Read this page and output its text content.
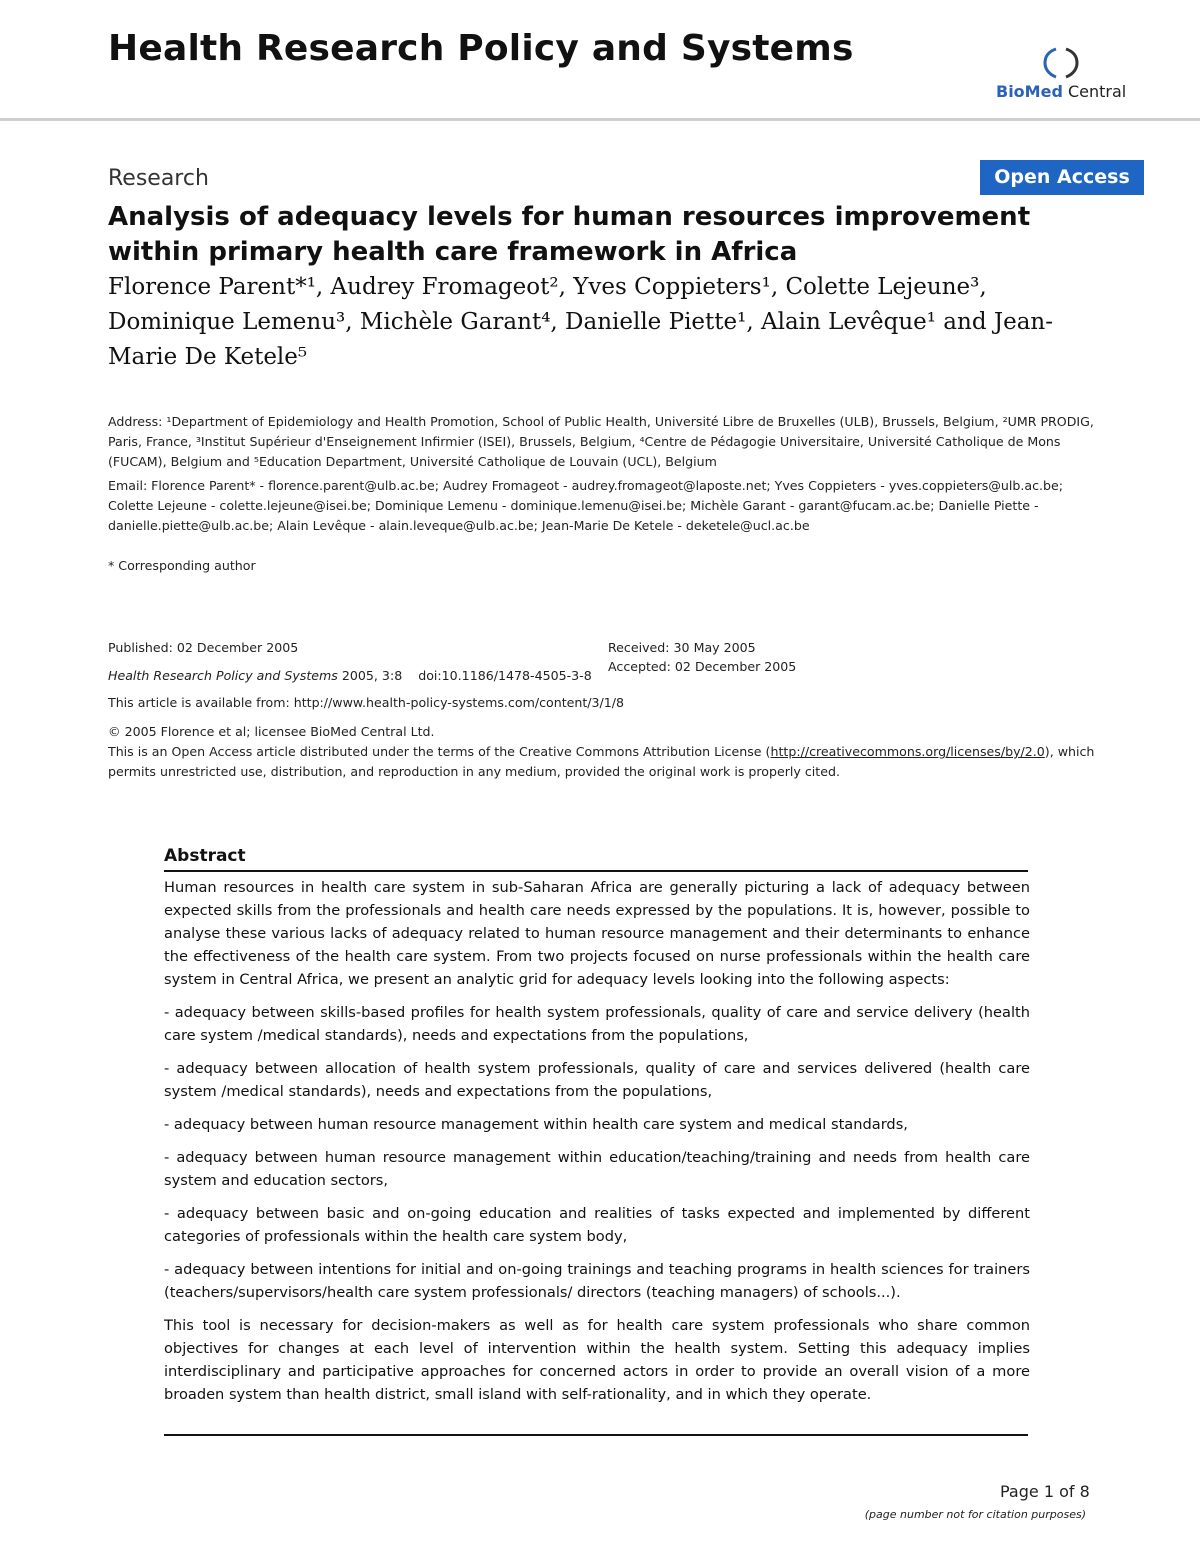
Health Research Policy and Systems
BioMed Central
Research	Open Access
Analysis of adequacy levels for human resources improvement within primary health care framework in Africa
Florence Parent*¹, Audrey Fromageot², Yves Coppieters¹, Colette Lejeune³, Dominique Lemenu³, Michèle Garant⁴, Danielle Piette¹, Alain Levêque¹ and Jean-Marie De Ketele⁵
Address: ¹Department of Epidemiology and Health Promotion, School of Public Health, Université Libre de Bruxelles (ULB), Brussels, Belgium, ²UMR PRODIG, Paris, France, ³Institut Supérieur d'Enseignement Infirmier (ISEI), Brussels, Belgium, ⁴Centre de Pédagogie Universitaire, Université Catholique de Mons (FUCAM), Belgium and ⁵Education Department, Université Catholique de Louvain (UCL), Belgium
Email: Florence Parent* - florence.parent@ulb.ac.be; Audrey Fromageot - audrey.fromageot@laposte.net; Yves Coppieters - yves.coppieters@ulb.ac.be; Colette Lejeune - colette.lejeune@isei.be; Dominique Lemenu - dominique.lemenu@isei.be; Michèle Garant - garant@fucam.ac.be; Danielle Piette - danielle.piette@ulb.ac.be; Alain Levêque - alain.leveque@ulb.ac.be; Jean-Marie De Ketele - deketele@ucl.ac.be
* Corresponding author
Published: 02 December 2005
Health Research Policy and Systems 2005, 3:8    doi:10.1186/1478-4505-3-8
Received: 30 May 2005
Accepted: 02 December 2005
This article is available from: http://www.health-policy-systems.com/content/3/1/8
© 2005 Florence et al; licensee BioMed Central Ltd.
This is an Open Access article distributed under the terms of the Creative Commons Attribution License (http://creativecommons.org/licenses/by/2.0), which permits unrestricted use, distribution, and reproduction in any medium, provided the original work is properly cited.
Abstract

Human resources in health care system in sub-Saharan Africa are generally picturing a lack of adequacy between expected skills from the professionals and health care needs expressed by the populations. It is, however, possible to analyse these various lacks of adequacy related to human resource management and their determinants to enhance the effectiveness of the health care system. From two projects focused on nurse professionals within the health care system in Central Africa, we present an analytic grid for adequacy levels looking into the following aspects:

- adequacy between skills-based profiles for health system professionals, quality of care and service delivery (health care system /medical standards), needs and expectations from the populations,

- adequacy between allocation of health system professionals, quality of care and services delivered (health care system /medical standards), needs and expectations from the populations,

- adequacy between human resource management within health care system and medical standards,

- adequacy between human resource management within education/teaching/training and needs from health care system and education sectors,

- adequacy between basic and on-going education and realities of tasks expected and implemented by different categories of professionals within the health care system body,

- adequacy between intentions for initial and on-going trainings and teaching programs in health sciences for trainers (teachers/supervisors/health care system professionals/ directors (teaching managers) of schools...).

This tool is necessary for decision-makers as well as for health care system professionals who share common objectives for changes at each level of intervention within the health system. Setting this adequacy implies interdisciplinary and participative approaches for concerned actors in order to provide an overall vision of a more broaden system than health district, small island with self-rationality, and in which they operate.

Page 1 of 8
(page number not for citation purposes)
